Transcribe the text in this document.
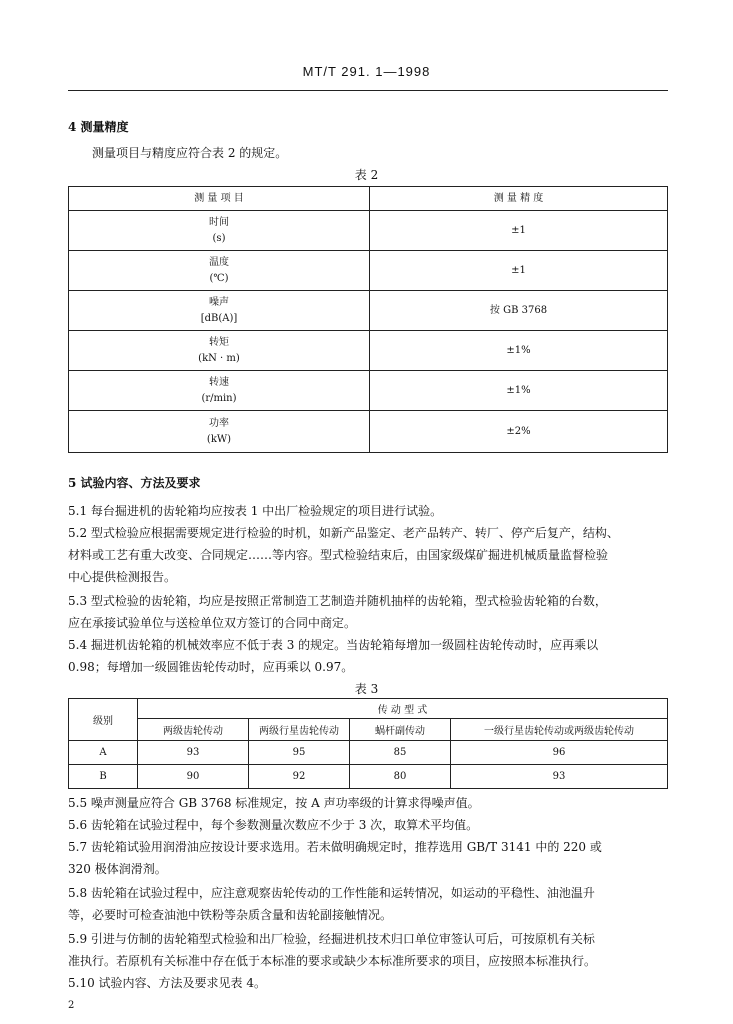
MT/T 291. 1—1998
4 测量精度
测量项目与精度应符合表 2 的规定。
表 2
测 量 项 目	测 量 精 度

时间
(s)	±1

温度
(℃)	±1

噪声
[dB(A)]	按 GB 3768

转矩
(kN · m)	±1%

转速
(r/min)	±1%

功率
(kW)	±2%
5 试验内容、方法及要求
5.1 每台掘进机的齿轮箱均应按表 1 中出厂检验规定的项目进行试验。
5.2 型式检验应根据需要规定进行检验的时机，如新产品鉴定、老产品转产、转厂、停产后复产，结构、
材料或工艺有重大改变、合同规定……等内容。型式检验结束后，由国家级煤矿掘进机械质量监督检验
中心提供检测报告。
5.3 型式检验的齿轮箱，均应是按照正常制造工艺制造并随机抽样的齿轮箱，型式检验齿轮箱的台数，
应在承接试验单位与送检单位双方签订的合同中商定。
5.4 掘进机齿轮箱的机械效率应不低于表 3 的规定。当齿轮箱每增加一级圆柱齿轮传动时，应再乘以
0.98；每增加一级圆锥齿轮传动时，应再乘以 0.97。
表 3
级别	传 动 型 式			
	两级齿轮传动	两级行星齿轮传动	蜗杆副传动	一级行星齿轮传动或两级齿轮传动
A	93	95	85	96
B	90	92	80	93
5.5 噪声测量应符合 GB 3768 标准规定，按 A 声功率级的计算求得噪声值。
5.6 齿轮箱在试验过程中，每个参数测量次数应不少于 3 次，取算术平均值。
5.7 齿轮箱试验用润滑油应按设计要求选用。若未做明确规定时，推荐选用 GB/T 3141 中的 220 或
320 极体润滑剂。
5.8 齿轮箱在试验过程中，应注意观察齿轮传动的工作性能和运转情况，如运动的平稳性、油池温升
等，必要时可检查油池中铁粉等杂质含量和齿轮副接触情况。
5.9 引进与仿制的齿轮箱型式检验和出厂检验，经掘进机技术归口单位审签认可后，可按原机有关标
准执行。若原机有关标准中存在低于本标准的要求或缺少本标准所要求的项目，应按照本标准执行。
5.10 试验内容、方法及要求见表 4。
2
